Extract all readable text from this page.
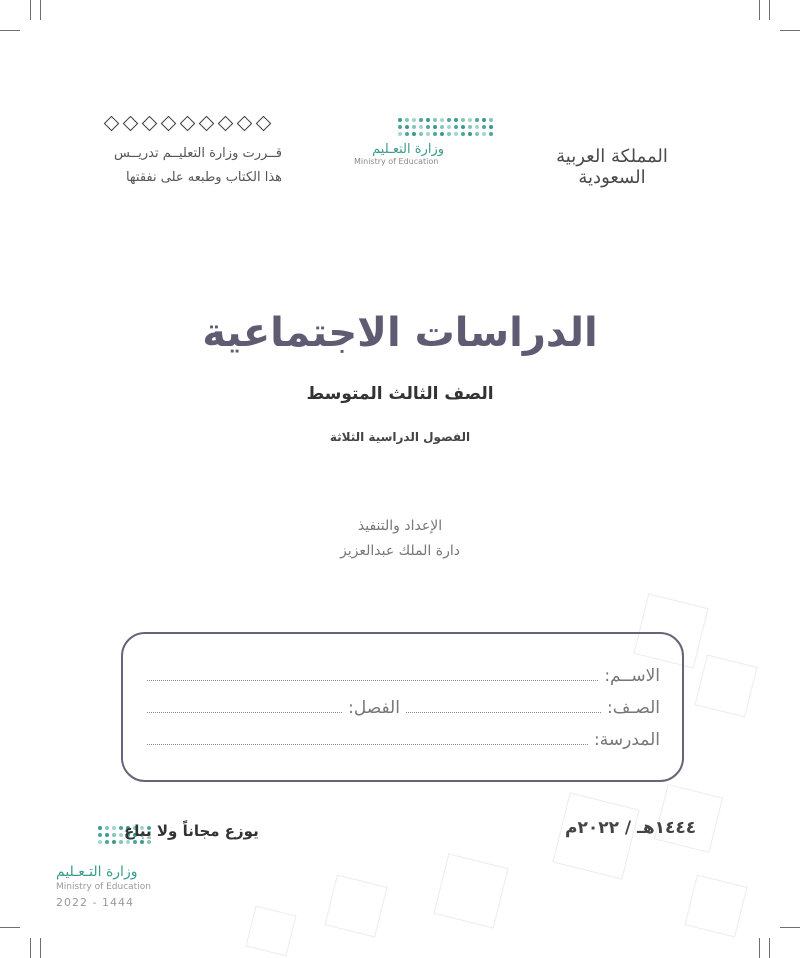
المملكة العربية السعودية
وزارة التعـليم
Ministry of Education
قــررت وزارة التعليــم تدريــس
هذا الكتاب وطبعه على نفقتها
الدراسات الاجتماعية
الصف الثالث المتوسط
الفصول الدراسية الثلاثة
الإعداد والتنفيذ
دارة الملك عبدالعزيز
الاســم:
الصـف:
الفصل:
المدرسة:
١٤٤٤هـ / ٢٠٢٢م
يوزع مجاناً ولا يباع
وزارة التـعـليم
Ministry of Education
2022 - 1444
